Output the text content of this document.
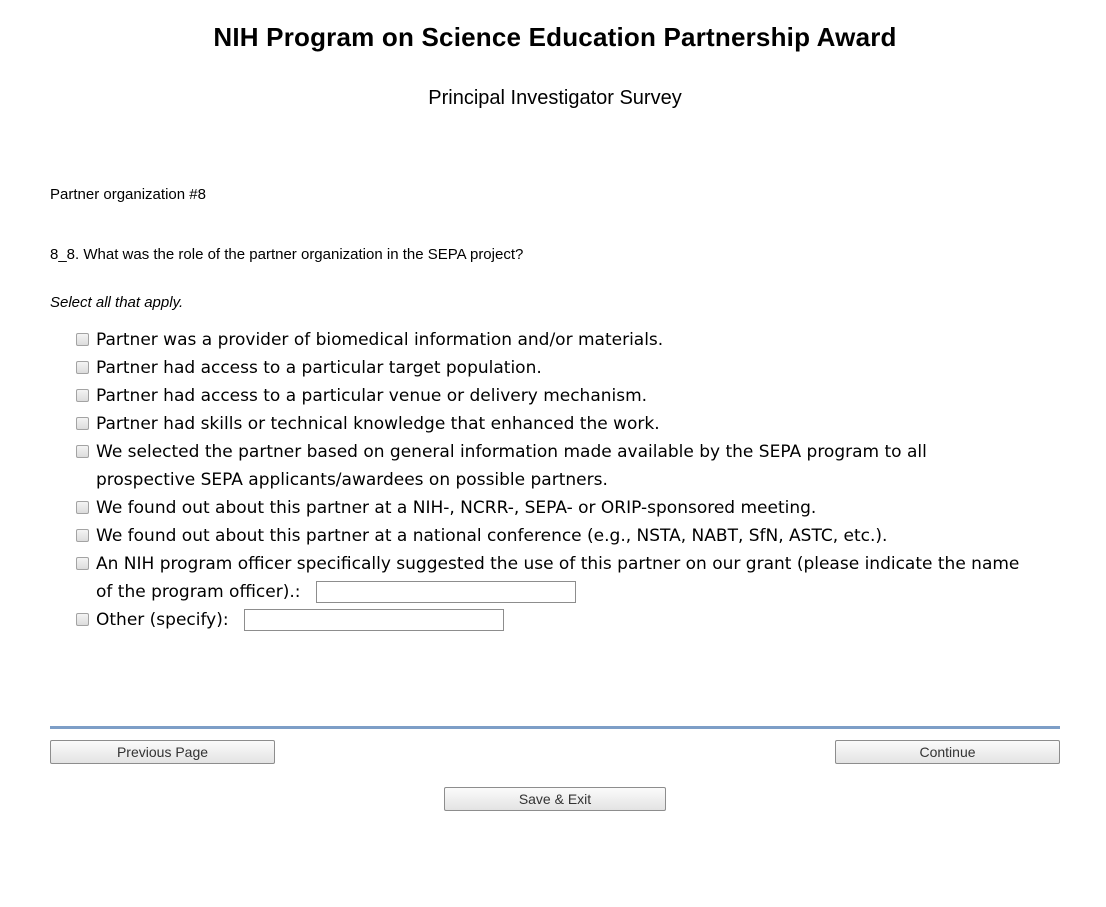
NIH Program on Science Education Partnership Award
Principal Investigator Survey
Partner organization #8
8_8. What was the role of the partner organization in the SEPA project?
Select all that apply.
Partner was a provider of biomedical information and/or materials.
Partner had access to a particular target population.
Partner had access to a particular venue or delivery mechanism.
Partner had skills or technical knowledge that enhanced the work.
We selected the partner based on general information made available by the SEPA program to all prospective SEPA applicants/awardees on possible partners.
We found out about this partner at a NIH-, NCRR-, SEPA- or ORIP-sponsored meeting.
We found out about this partner at a national conference (e.g., NSTA, NABT, SfN, ASTC, etc.).
An NIH program officer specifically suggested the use of this partner on our grant (please indicate the name of the program officer).:
Other (specify):
Previous Page	Continue
Save & Exit
